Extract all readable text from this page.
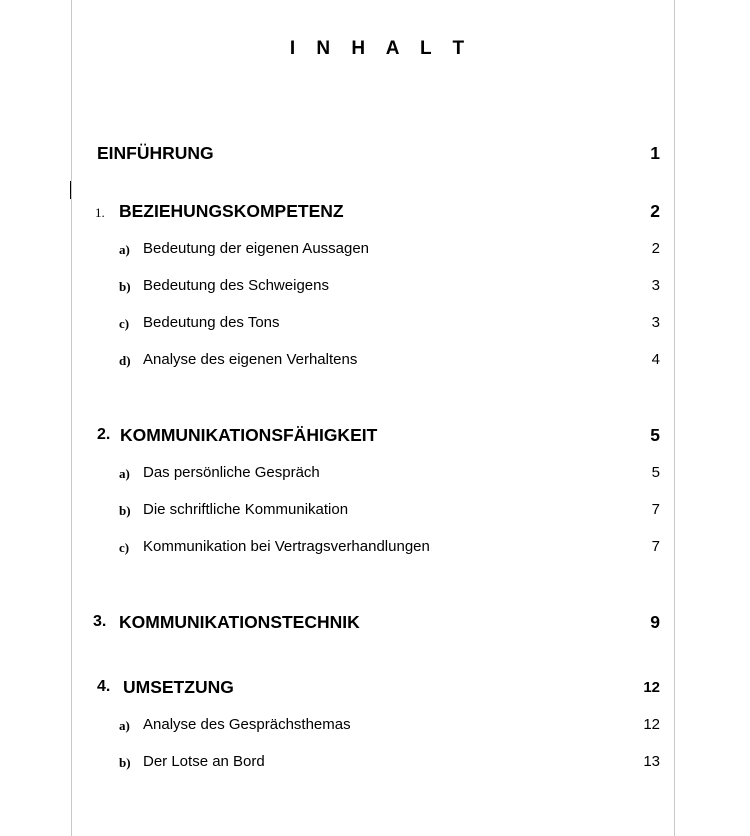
I N H A L T
EINFÜHRUNG	1
1. BEZIEHUNGSKOMPETENZ	2
a) Bedeutung der eigenen Aussagen	2
b) Bedeutung des Schweigens	3
c) Bedeutung des Tons	3
d) Analyse des eigenen Verhaltens	4
2. KOMMUNIKATIONSFÄHIGKEIT	5
a) Das persönliche Gespräch	5
b) Die schriftliche Kommunikation	7
c) Kommunikation bei Vertragsverhandlungen	7
3. KOMMUNIKATIONSTECHNIK	9
4. UMSETZUNG	12
a) Analyse des Gesprächsthemas	12
b) Der Lotse an Bord	13
